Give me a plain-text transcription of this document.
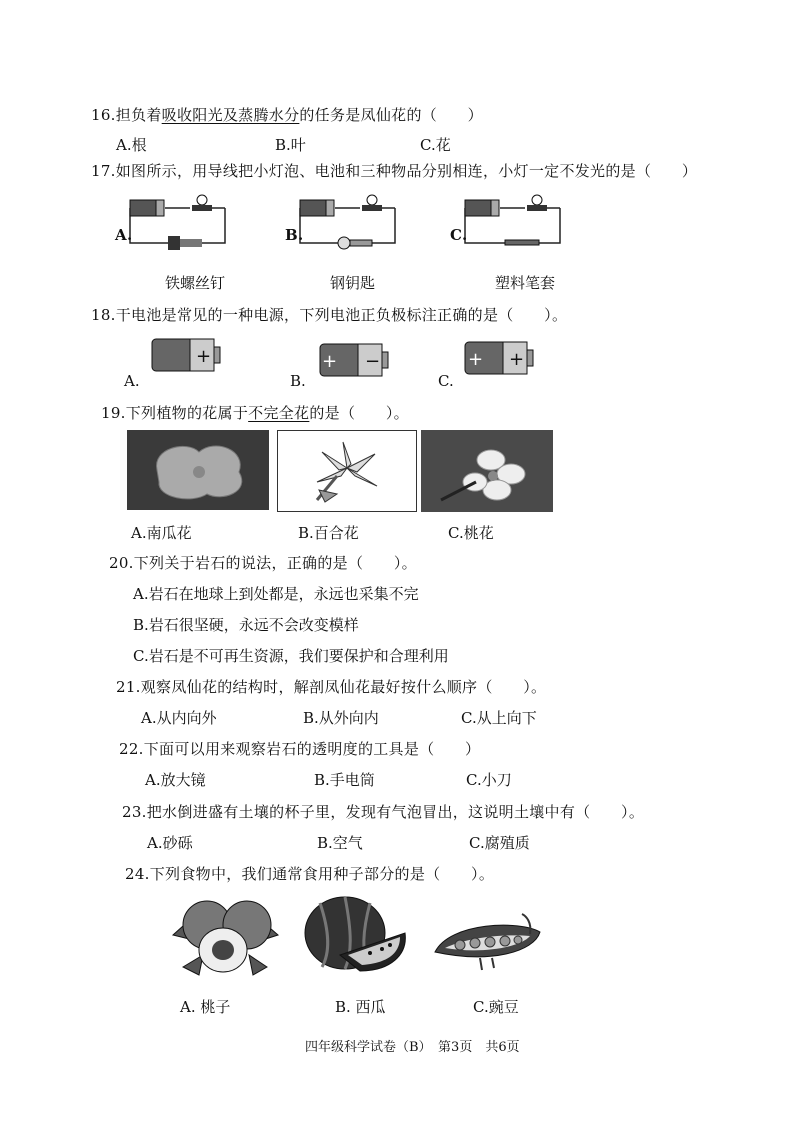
16.担负着吸收阳光及蒸腾水分的任务是凤仙花的（　　）
A.根	B.叶	C.花
17.如图所示，用导线把小灯泡、电池和三种物品分别相连，小灯一定不发光的是（　　）
A.	B.	C.
铁螺丝钉	钢钥匙	塑料笔套
18.干电池是常见的一种电源，下列电池正负极标注正确的是（　　）。
+
A.
+ −
B.
+ +
C.
19.下列植物的花属于不完全花的是（　　）。
A.南瓜花	B.百合花	C.桃花
20.下列关于岩石的说法，正确的是（　　）。
A.岩石在地球上到处都是，永远也采集不完
B.岩石很坚硬，永远不会改变模样
C.岩石是不可再生资源，我们要保护和合理利用
21.观察凤仙花的结构时，解剖凤仙花最好按什么顺序（　　）。
A.从内向外	B.从外向内	C.从上向下
22.下面可以用来观察岩石的透明度的工具是（　　）
A.放大镜	B.手电筒	C.小刀
23.把水倒进盛有土壤的杯子里，发现有气泡冒出，这说明土壤中有（　　）。
A.砂砾	B.空气	C.腐殖质
24.下列食物中，我们通常食用种子部分的是（　　）。
A. 桃子	B. 西瓜	C.豌豆
四年级科学试卷（B）　第3页　共6页
